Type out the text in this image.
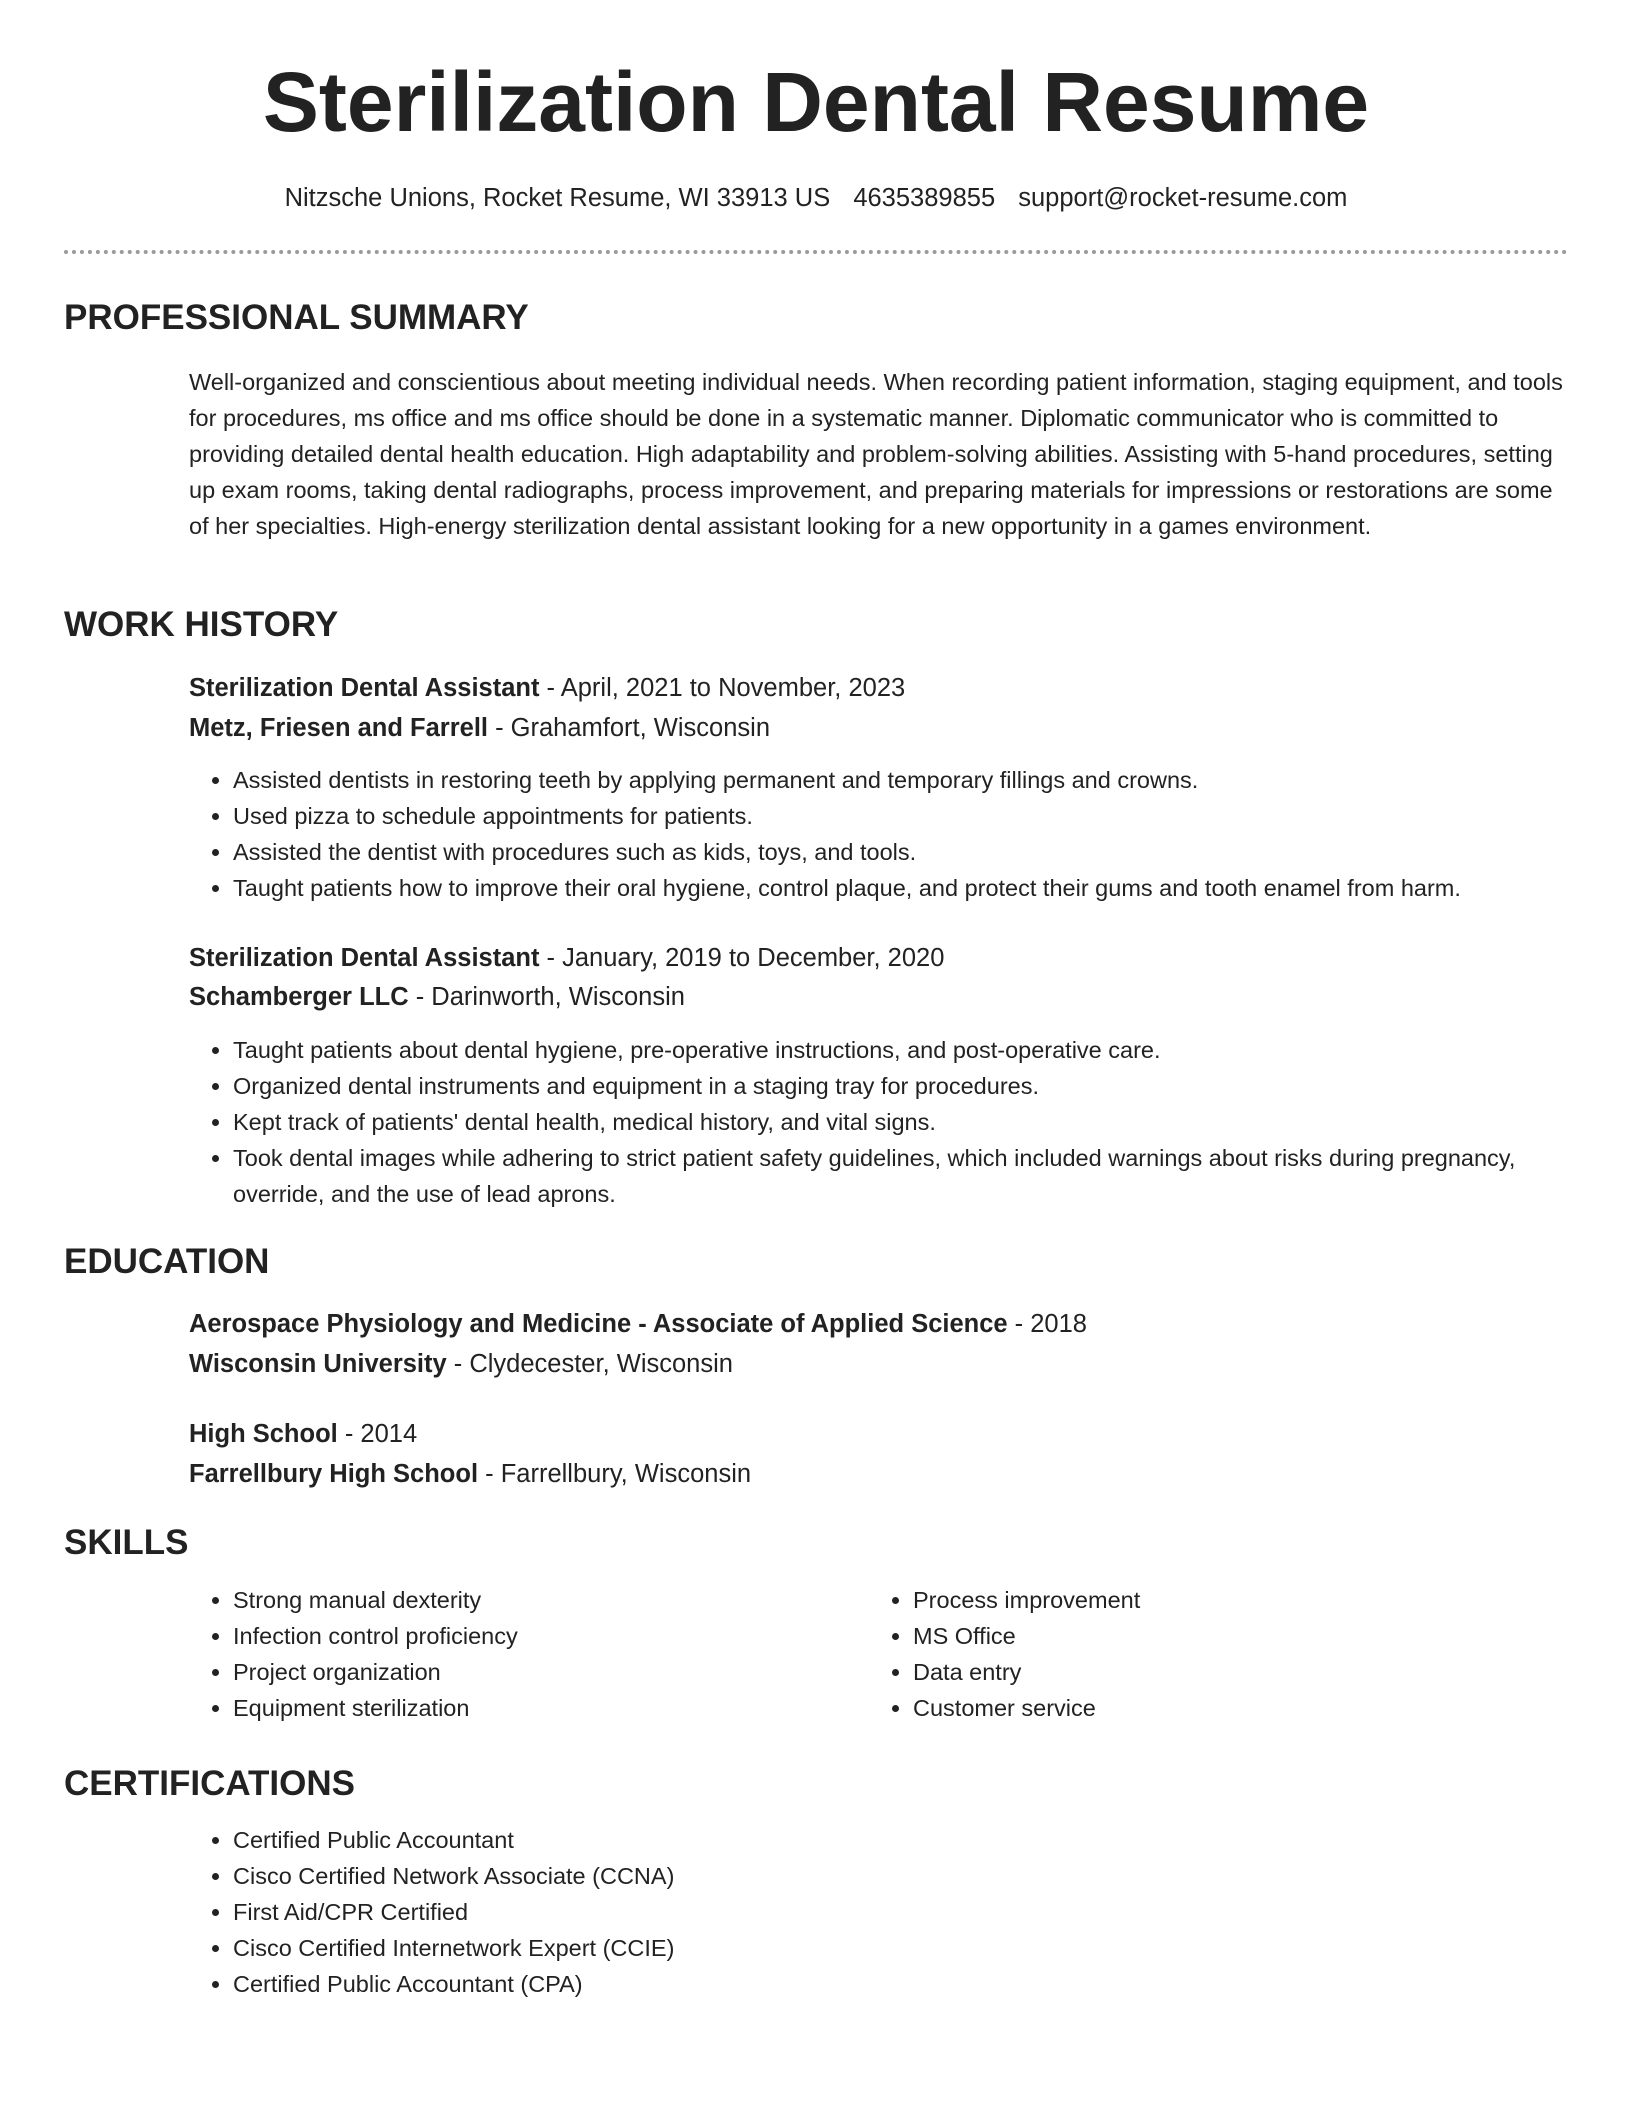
Sterilization Dental Resume
Nitzsche Unions, Rocket Resume, WI 33913 US 4635389855 support@rocket-resume.com
PROFESSIONAL SUMMARY

Well-organized and conscientious about meeting individual needs. When recording patient information, staging equipment, and tools for procedures, ms office and ms office should be done in a systematic manner. Diplomatic communicator who is committed to providing detailed dental health education. High adaptability and problem-solving abilities. Assisting with 5-hand procedures, setting up exam rooms, taking dental radiographs, process improvement, and preparing materials for impressions or restorations are some of her specialties. High-energy sterilization dental assistant looking for a new opportunity in a games environment.

WORK HISTORY
Sterilization Dental Assistant - April, 2021 to November, 2023
Metz, Friesen and Farrell - Grahamfort, Wisconsin
• Assisted dentists in restoring teeth by applying permanent and temporary fillings and crowns.
• Used pizza to schedule appointments for patients.
• Assisted the dentist with procedures such as kids, toys, and tools.
• Taught patients how to improve their oral hygiene, control plaque, and protect their gums and tooth enamel from harm.
Sterilization Dental Assistant - January, 2019 to December, 2020
Schamberger LLC - Darinworth, Wisconsin
• Taught patients about dental hygiene, pre-operative instructions, and post-operative care.
• Organized dental instruments and equipment in a staging tray for procedures.
• Kept track of patients' dental health, medical history, and vital signs.
• Took dental images while adhering to strict patient safety guidelines, which included warnings about risks during pregnancy, override, and the use of lead aprons.
EDUCATION
Aerospace Physiology and Medicine - Associate of Applied Science - 2018
Wisconsin University - Clydecester, Wisconsin
High School - 2014
Farrellbury High School - Farrellbury, Wisconsin
SKILLS
• Strong manual dexterity
• Infection control proficiency
• Project organization
• Equipment sterilization
• Process improvement
• MS Office
• Data entry
• Customer service
CERTIFICATIONS
• Certified Public Accountant
• Cisco Certified Network Associate (CCNA)
• First Aid/CPR Certified
• Cisco Certified Internetwork Expert (CCIE)
• Certified Public Accountant (CPA)
